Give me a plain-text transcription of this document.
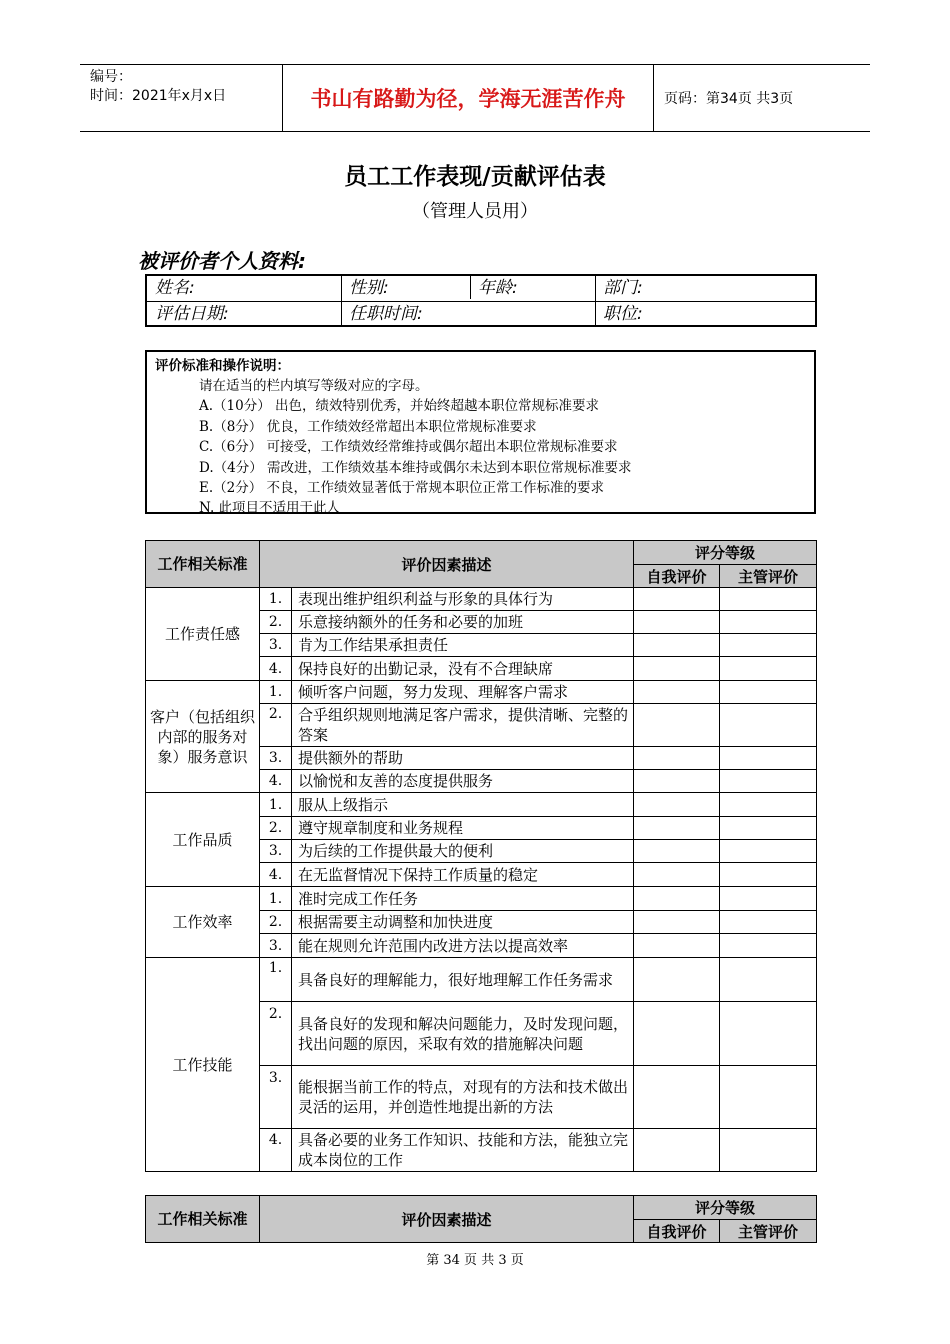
编号：
时间：2021年x月x日	书山有路勤为径，学海无涯苦作舟	页码：第34页 共3页
员工工作表现/贡献评估表
（管理人员用）
被评价者个人资料:
姓名:	性别:	年龄:	部门:
评估日期:	任职时间:	职位:
评价标准和操作说明：
请在适当的栏内填写等级对应的字母。
A.（10分） 出色，绩效特别优秀，并始终超越本职位常规标准要求
B.（8分） 优良，工作绩效经常超出本职位常规标准要求
C.（6分） 可接受，工作绩效经常维持或偶尔超出本职位常规标准要求
D.（4分） 需改进，工作绩效基本维持或偶尔未达到本职位常规标准要求
E.（2分） 不良，工作绩效显著低于常规本职位正常工作标准的要求
N. 此项目不适用于此人
工作相关标准	评价因素描述		评分等级	
			自我评价	主管评价
工作责任感	1.	表现出维护组织利益与形象的具体行为		
	2.	乐意接纳额外的任务和必要的加班		
	3.	肯为工作结果承担责任		
	4.	保持良好的出勤记录，没有不合理缺席		
客户（包括组织内部的服务对象）服务意识	1.	倾听客户问题，努力发现、理解客户需求		
	2.	合乎组织规则地满足客户需求，提供清晰、完整的答案		
	3.	提供额外的帮助		
	4.	以愉悦和友善的态度提供服务		
工作品质	1.	服从上级指示		
	2.	遵守规章制度和业务规程		
	3.	为后续的工作提供最大的便利		
	4.	在无监督情况下保持工作质量的稳定		
工作效率	1.	准时完成工作任务		
	2.	根据需要主动调整和加快进度		
	3.	能在规则允许范围内改进方法以提高效率		
工作技能	1.	具备良好的理解能力，很好地理解工作任务需求		
	2.	具备良好的发现和解决问题能力，及时发现问题，找出问题的原因，采取有效的措施解决问题		
	3.	能根据当前工作的特点，对现有的方法和技术做出灵活的运用，并创造性地提出新的方法		
	4.	具备必要的业务工作知识、技能和方法，能独立完成本岗位的工作		
工作相关标准	评价因素描述	评分等级	
		自我评价	主管评价
第 34 页 共 3 页
